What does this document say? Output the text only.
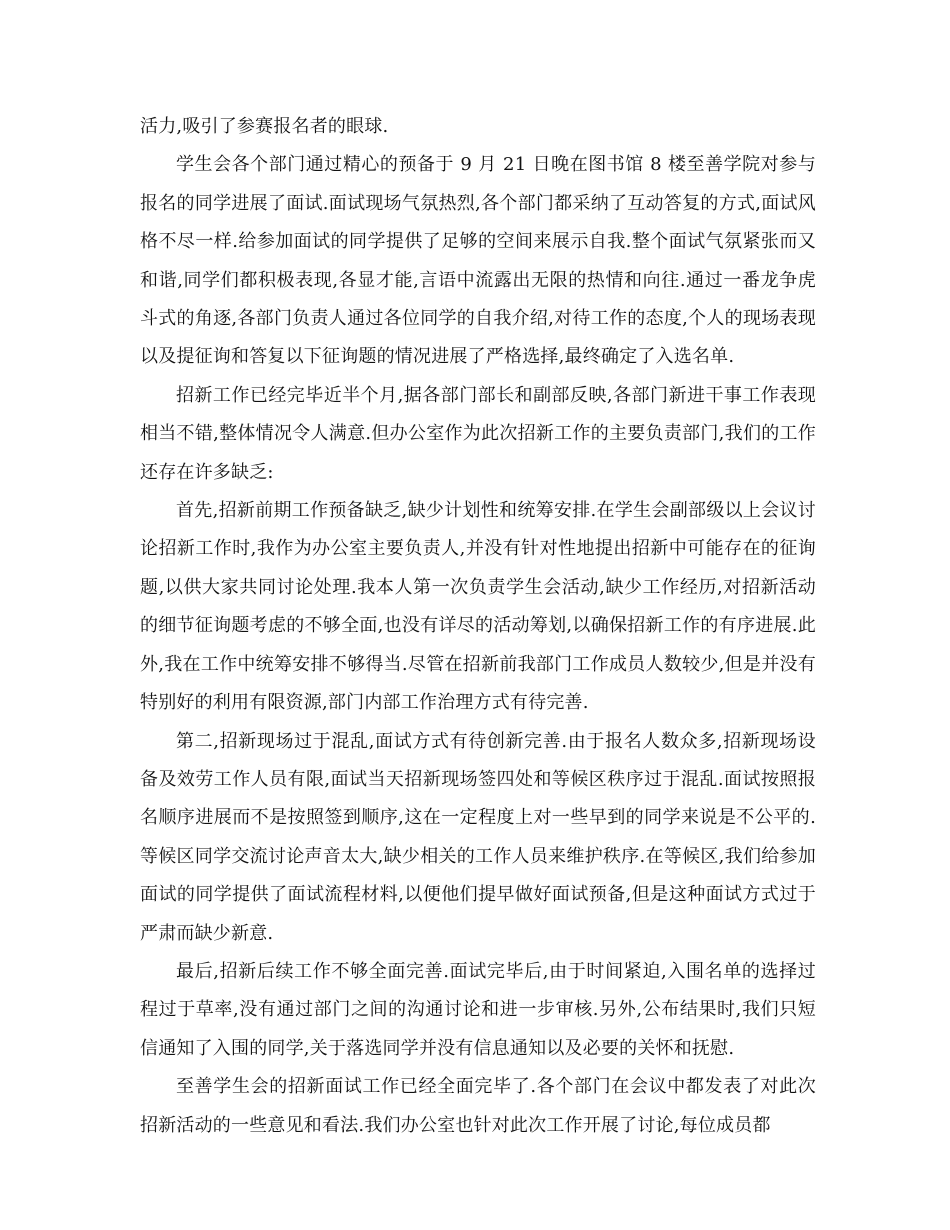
活力,吸引了参赛报名者的眼球.

学生会各个部门通过精心的预备于 9 月 21 日晚在图书馆 8 楼至善学院对参与报名的同学进展了面试.面试现场气氛热烈,各个部门都采纳了互动答复的方式,面试风格不尽一样.给参加面试的同学提供了足够的空间来展示自我.整个面试气氛紧张而又和谐,同学们都积极表现,各显才能,言语中流露出无限的热情和向往.通过一番龙争虎斗式的角逐,各部门负责人通过各位同学的自我介绍,对待工作的态度,个人的现场表现以及提征询和答复以下征询题的情况进展了严格选择,最终确定了入选名单.

招新工作已经完毕近半个月,据各部门部长和副部反映,各部门新进干事工作表现相当不错,整体情况令人满意.但办公室作为此次招新工作的主要负责部门,我们的工作还存在许多缺乏:

首先,招新前期工作预备缺乏,缺少计划性和统筹安排.在学生会副部级以上会议讨论招新工作时,我作为办公室主要负责人,并没有针对性地提出招新中可能存在的征询题,以供大家共同讨论处理.我本人第一次负责学生会活动,缺少工作经历,对招新活动的细节征询题考虑的不够全面,也没有详尽的活动筹划,以确保招新工作的有序进展.此外,我在工作中统筹安排不够得当.尽管在招新前我部门工作成员人数较少,但是并没有特别好的利用有限资源,部门内部工作治理方式有待完善.

第二,招新现场过于混乱,面试方式有待创新完善.由于报名人数众多,招新现场设备及效劳工作人员有限,面试当天招新现场签四处和等候区秩序过于混乱.面试按照报名顺序进展而不是按照签到顺序,这在一定程度上对一些早到的同学来说是不公平的.等候区同学交流讨论声音太大,缺少相关的工作人员来维护秩序.在等候区,我们给参加面试的同学提供了面试流程材料,以便他们提早做好面试预备,但是这种面试方式过于严肃而缺少新意.

最后,招新后续工作不够全面完善.面试完毕后,由于时间紧迫,入围名单的选择过程过于草率,没有通过部门之间的沟通讨论和进一步审核.另外,公布结果时,我们只短信通知了入围的同学,关于落选同学并没有信息通知以及必要的关怀和抚慰.

至善学生会的招新面试工作已经全面完毕了.各个部门在会议中都发表了对此次招新活动的一些意见和看法.我们办公室也针对此次工作开展了讨论,每位成员都
